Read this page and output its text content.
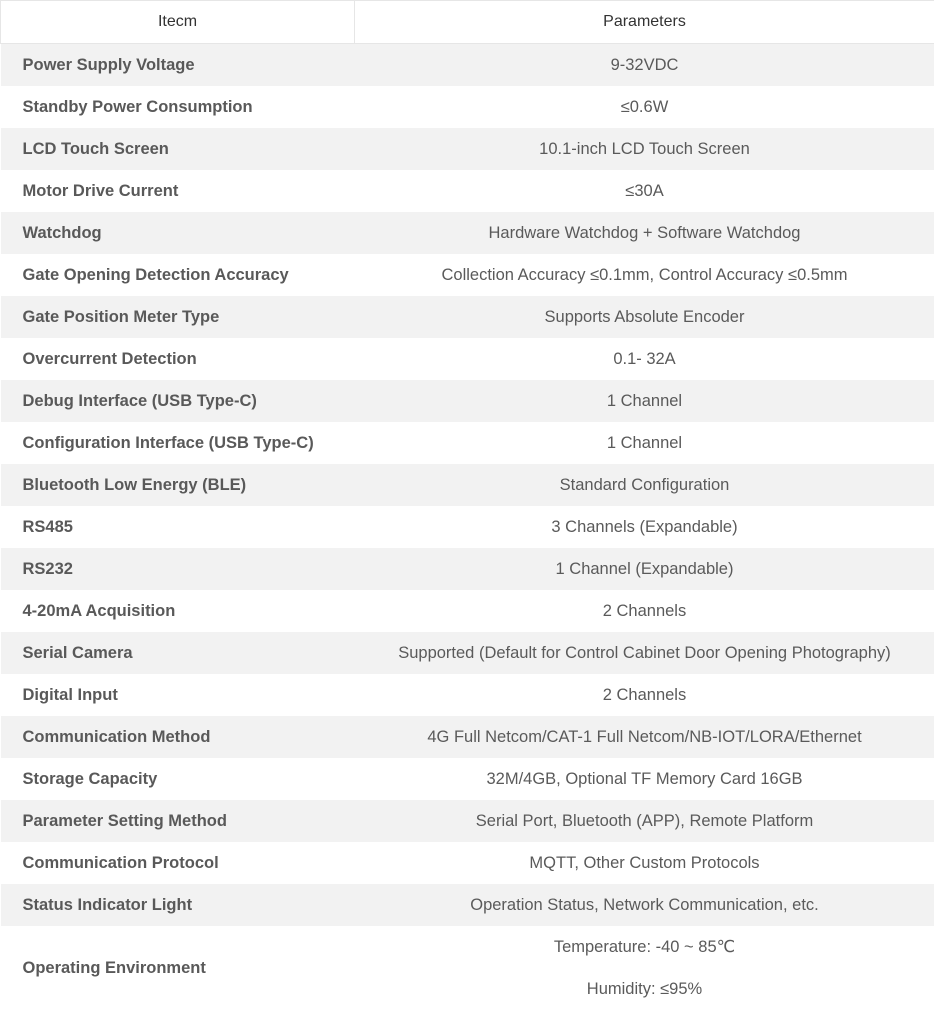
Itecm	Parameters
Power Supply Voltage	9-32VDC
Standby Power Consumption	≤0.6W
LCD Touch Screen	10.1-inch LCD Touch Screen
Motor Drive Current	≤30A
Watchdog	Hardware Watchdog + Software Watchdog
Gate Opening Detection Accuracy	Collection Accuracy ≤0.1mm, Control Accuracy ≤0.5mm
Gate Position Meter Type	Supports Absolute Encoder
Overcurrent Detection	0.1- 32A
Debug Interface (USB Type-C)	1 Channel
Configuration Interface (USB Type-C)	1 Channel
Bluetooth Low Energy (BLE)	Standard Configuration
RS485	3 Channels (Expandable)
RS232	1 Channel (Expandable)
4-20mA Acquisition	2 Channels
Serial Camera	Supported (Default for Control Cabinet Door Opening Photography)
Digital Input	2 Channels
Communication Method	4G Full Netcom/CAT-1 Full Netcom/NB-IOT/LORA/Ethernet
Storage Capacity	32M/4GB, Optional TF Memory Card 16GB
Parameter Setting Method	Serial Port, Bluetooth (APP), Remote Platform
Communication Protocol	MQTT, Other Custom Protocols
Status Indicator Light	Operation Status, Network Communication, etc.
Operating Environment	Temperature: -40 ~ 85℃
Humidity: ≤95%
